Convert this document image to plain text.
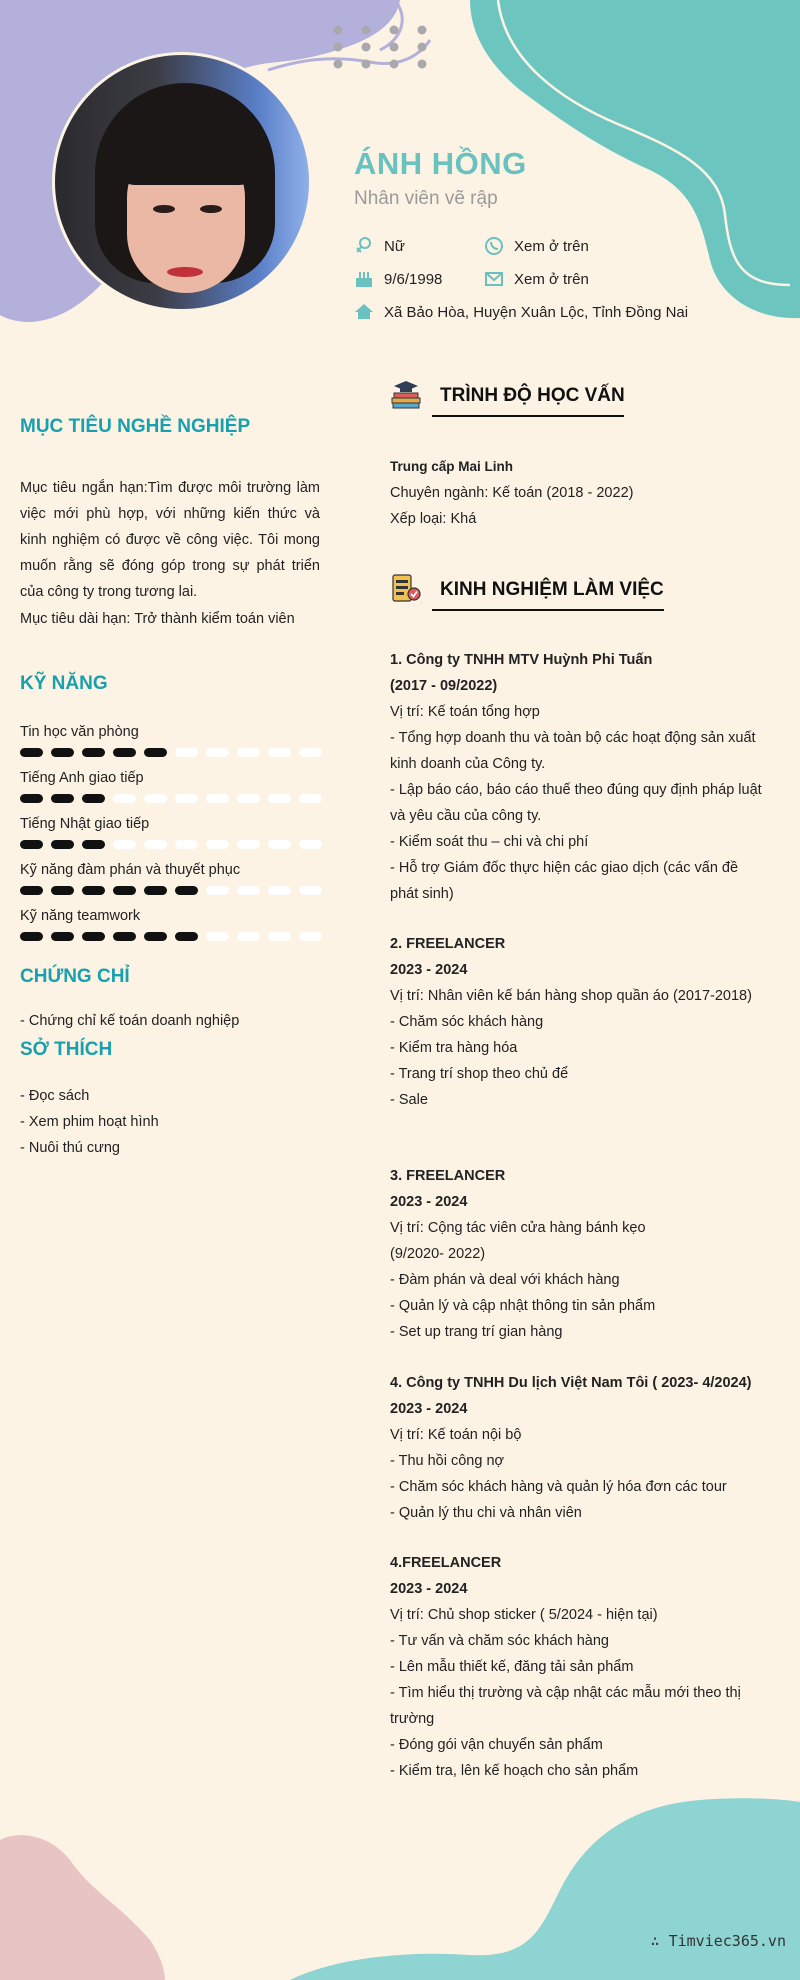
ÁNH HỒNG
Nhân viên vẽ rập
Nữ	Xem ở trên
9/6/1998	Xem ở trên
Xã Bảo Hòa, Huyện Xuân Lộc, Tỉnh Đồng Nai
MỤC TIÊU NGHỀ NGHIỆP
Mục tiêu ngắn hạn:Tìm được môi trường làm việc mới phù hợp, với những kiến thức và kinh nghiệm có được về công việc. Tôi mong muốn rằng sẽ đóng góp trong sự phát triển của công ty trong tương lai.
Mục tiêu dài hạn: Trở thành kiểm toán viên
KỸ NĂNG
Tin học văn phòng
Tiếng Anh giao tiếp
Tiếng Nhật giao tiếp
Kỹ năng đàm phán và thuyết phục
Kỹ năng teamwork
CHỨNG CHỈ
- Chứng chỉ kế toán doanh nghiệp
SỞ THÍCH
- Đọc sách
- Xem phim hoạt hình
- Nuôi thú cưng
TRÌNH ĐỘ HỌC VẤN
Trung cấp Mai Linh
Chuyên ngành: Kế toán (2018 - 2022)
Xếp loại: Khá
KINH NGHIỆM LÀM VIỆC
1. Công ty TNHH MTV Huỳnh Phi Tuấn
(2017 - 09/2022)
Vị trí: Kế toán tổng hợp
- Tổng hợp doanh thu và toàn bộ các hoạt động sản xuất kinh doanh của Công ty.
- Lập báo cáo, báo cáo thuế theo đúng quy định pháp luật và yêu cầu của công ty.
- Kiểm soát thu – chi và chi phí
- Hỗ trợ Giám đốc thực hiện các giao dịch (các vấn đề phát sinh)
2. FREELANCER
2023 - 2024
Vị trí: Nhân viên kế bán hàng shop quần áo (2017-2018)
- Chăm sóc khách hàng
- Kiểm tra hàng hóa
- Trang trí shop theo chủ để
- Sale
3. FREELANCER
2023 - 2024
Vị trí: Cộng tác viên cửa hàng bánh kẹo (9/2020- 2022)
- Đàm phán và deal với khách hàng
- Quản lý và cập nhật thông tin sản phẩm
- Set up trang trí gian hàng
4. Công ty TNHH Du lịch Việt Nam Tôi ( 2023- 4/2024)
2023 - 2024
Vị trí: Kế toán nội bộ
- Thu hồi công nợ
- Chăm sóc khách hàng và quản lý hóa đơn các tour
- Quản lý thu chi và nhân viên
4.FREELANCER
2023 - 2024
Vị trí: Chủ shop sticker ( 5/2024 - hiện tại)
- Tư vấn và chăm sóc khách hàng
- Lên mẫu thiết kế, đăng tải sản phẩm
- Tìm hiểu thị trường và cập nhật các mẫu mới theo thị trường
- Đóng gói vận chuyển sản phẩm
- Kiểm tra, lên kế hoạch cho sản phẩm
∴ Timviec365.vn
